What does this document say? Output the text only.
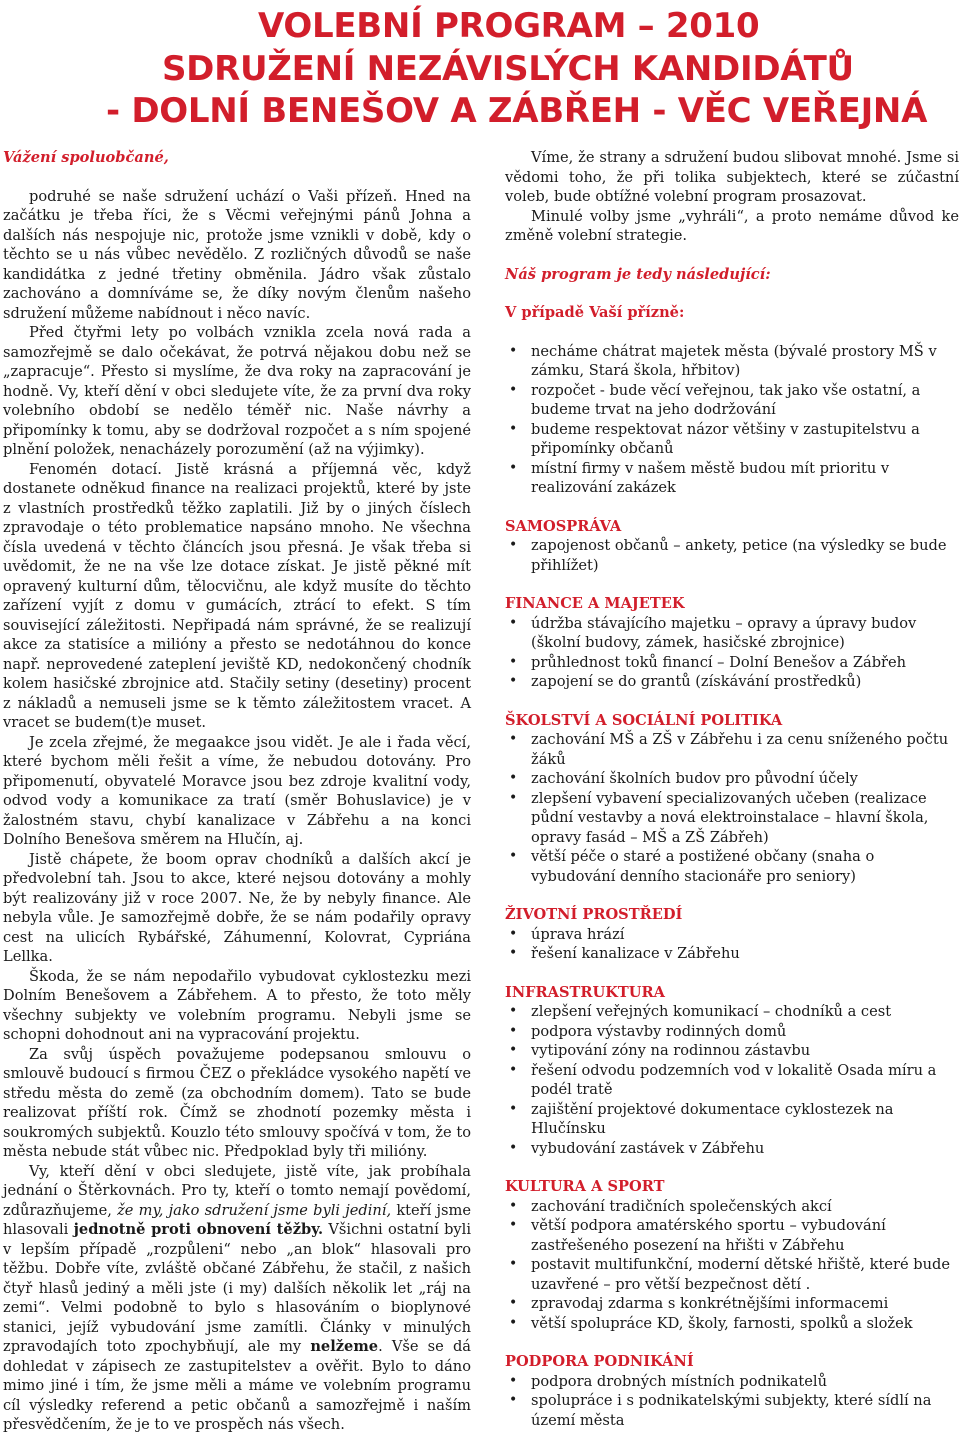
VOLEBNÍ PROGRAM – 2010
SDRUŽENÍ NEZÁVISLÝCH KANDIDÁTŮ
- DOLNÍ BENEŠOV A ZÁBŘEH - VĚC VEŘEJNÁ
Vážení spoluobčané,

podruhé se naše sdružení uchází o Vaši přízeň. Hned na začátku je třeba říci, že s Věcmi veřejnými pánů Johna a dalších nás nespojuje nic, protože jsme vznikli v době, kdy o těchto se u nás vůbec nevědělo. Z rozličných důvodů se naše kandidátka z jedné třetiny obměnila. Jádro však zůstalo zachováno a domníváme se, že díky novým členům našeho sdružení můžeme nabídnout i něco navíc.

Před čtyřmi lety po volbách vznikla zcela nová rada a samozřejmě se dalo očekávat, že potrvá nějakou dobu než se „zapracuje“. Přesto si myslíme, že dva roky na zapracování je hodně. Vy, kteří dění v obci sledujete víte, že za první dva roky volebního období se nedělo téměř nic. Naše návrhy a připomínky k tomu, aby se dodržoval rozpočet a s ním spojené plnění položek, nenacházely porozumění (až na výjimky).

Fenomén dotací. Jistě krásná a příjemná věc, když dostanete odněkud finance na realizaci projektů, které by jste z vlastních prostředků těžko zaplatili. Již by o jiných číslech zpravodaje o této problematice napsáno mnoho. Ne všechna čísla uvedená v těchto článcích jsou přesná. Je však třeba si uvědomit, že ne na vše lze dotace získat. Je jistě pěkné mít opravený kulturní dům, tělocvičnu, ale když musíte do těchto zařízení vyjít z domu v gumácích, ztrácí to efekt. S tím související záležitosti. Nepřipadá nám správné, že se realizují akce za statisíce a milióny a přesto se nedotáhnou do konce např. neprovedené zateplení jeviště KD, nedokončený chodník kolem hasičské zbrojnice atd. Stačily setiny (desetiny) procent z nákladů a nemuseli jsme se k těmto záležitostem vracet. A vracet se budem(t)e muset.

Je zcela zřejmé, že megaakce jsou vidět. Je ale i řada věcí, které bychom měli řešit a víme, že nebudou dotovány. Pro připomenutí, obyvatelé Moravce jsou bez zdroje kvalitní vody, odvod vody a komunikace za tratí (směr Bohuslavice) je v žalostném stavu, chybí kanalizace v Zábřehu a na konci Dolního Benešova směrem na Hlučín, aj.

Jistě chápete, že boom oprav chodníků a dalších akcí je předvolební tah. Jsou to akce, které nejsou dotovány a mohly být realizovány již v roce 2007. Ne, že by nebyly finance. Ale nebyla vůle. Je samozřejmě dobře, že se nám podařily opravy cest na ulicích Rybářské, Záhumenní, Kolovrat, Cypriána Lellka.

Škoda, že se nám nepodařilo vybudovat cyklostezku mezi Dolním Benešovem a Zábřehem. A to přesto, že toto měly všechny subjekty ve volebním programu. Nebyli jsme se schopni dohodnout ani na vypracování projektu.

Za svůj úspěch považujeme podepsanou smlouvu o smlouvě budoucí s firmou ČEZ o překládce vysokého napětí ve středu města do země (za obchodním domem). Tato se bude realizovat příští rok. Čímž se zhodnotí pozemky města i soukromých subjektů. Kouzlo této smlouvy spočívá v tom, že to města nebude stát vůbec nic. Předpoklad byly tři milióny.

Vy, kteří dění v obci sledujete, jistě víte, jak probíhala jednání o Štěrkovnách. Pro ty, kteří o tomto nemají povědomí, zdůrazňujeme, že my, jako sdružení jsme byli jediní, kteří jsme hlasovali jednotně proti obnovení těžby. Všichni ostatní byli v lepším případě „rozpůleni“ nebo „an blok“ hlasovali pro těžbu. Dobře víte, zvláště občané Zábřehu, že stačil, z našich čtyř hlasů jediný a měli jste (i my) dalších několik let „ráj na zemi“. Velmi podobně to bylo s hlasováním o bioplynové stanici, jejíž vybudování jsme zamítli. Články v minulých zpravodajích toto zpochybňují, ale my nelžeme. Vše se dá dohledat v zápisech ze zastupitelstev a ověřit. Bylo to dáno mimo jiné i tím, že jsme měli a máme ve volebním programu cíl výsledky referend a petic občanů a samozřejmě i naším přesvědčením, že je to ve prospěch nás všech.

Víme, že strany a sdružení budou slibovat mnohé. Jsme si vědomi toho, že při tolika subjektech, které se zúčastní voleb, bude obtížné volební program prosazovat.

Minulé volby jsme „vyhráli“, a proto nemáme důvod ke změně volební strategie.

Náš program je tedy následující:
V případě Vaší přízně:
• necháme chátrat majetek města (bývalé prostory MŠ v zámku, Stará škola, hřbitov)
• rozpočet - bude věcí veřejnou, tak jako vše ostatní, a budeme trvat na jeho dodržování
• budeme respektovat názor většiny v zastupitelstvu a připomínky občanů
• místní firmy v našem městě budou mít prioritu v realizování zakázek
SAMOSPRÁVA
• zapojenost občanů – ankety, petice (na výsledky se bude přihlížet)
FINANCE A MAJETEK
• údržba stávajícího majetku – opravy a úpravy budov (školní budovy, zámek, hasičské zbrojnice)
• průhlednost toků financí – Dolní Benešov a Zábřeh
• zapojení se do grantů (získávání prostředků)
ŠKOLSTVÍ A SOCIÁLNÍ POLITIKA
• zachování MŠ a ZŠ v Zábřehu i za cenu sníženého počtu žáků
• zachování školních budov pro původní účely
• zlepšení vybavení specializovaných učeben (realizace půdní vestavby a nová elektroinstalace – hlavní škola, opravy fasád – MŠ a ZŠ Zábřeh)
• větší péče o staré a postižené občany (snaha o vybudování denního stacionáře pro seniory)
ŽIVOTNÍ PROSTŘEDÍ
• úprava hrází
• řešení kanalizace v Zábřehu
INFRASTRUKTURA
• zlepšení veřejných komunikací – chodníků a cest
• podpora výstavby rodinných domů
• vytipování zóny na rodinnou zástavbu
• řešení odvodu podzemních vod v lokalitě Osada míru a podél tratě
• zajištění projektové dokumentace cyklostezek na Hlučínsku
• vybudování zastávek v Zábřehu
KULTURA A SPORT
• zachování tradičních společenských akcí
• větší podpora amatérského sportu – vybudování zastřešeného posezení na hřišti v Zábřehu
• postavit multifunkční, moderní dětské hřiště, které bude uzavřené – pro větší bezpečnost dětí .
• zpravodaj zdarma s konkrétnějšími informacemi
• větší spolupráce KD, školy, farnosti, spolků a složek
PODPORA PODNIKÁNÍ
• podpora drobných místních podnikatelů
• spolupráce i s podnikatelskými subjekty, které sídlí na území města
